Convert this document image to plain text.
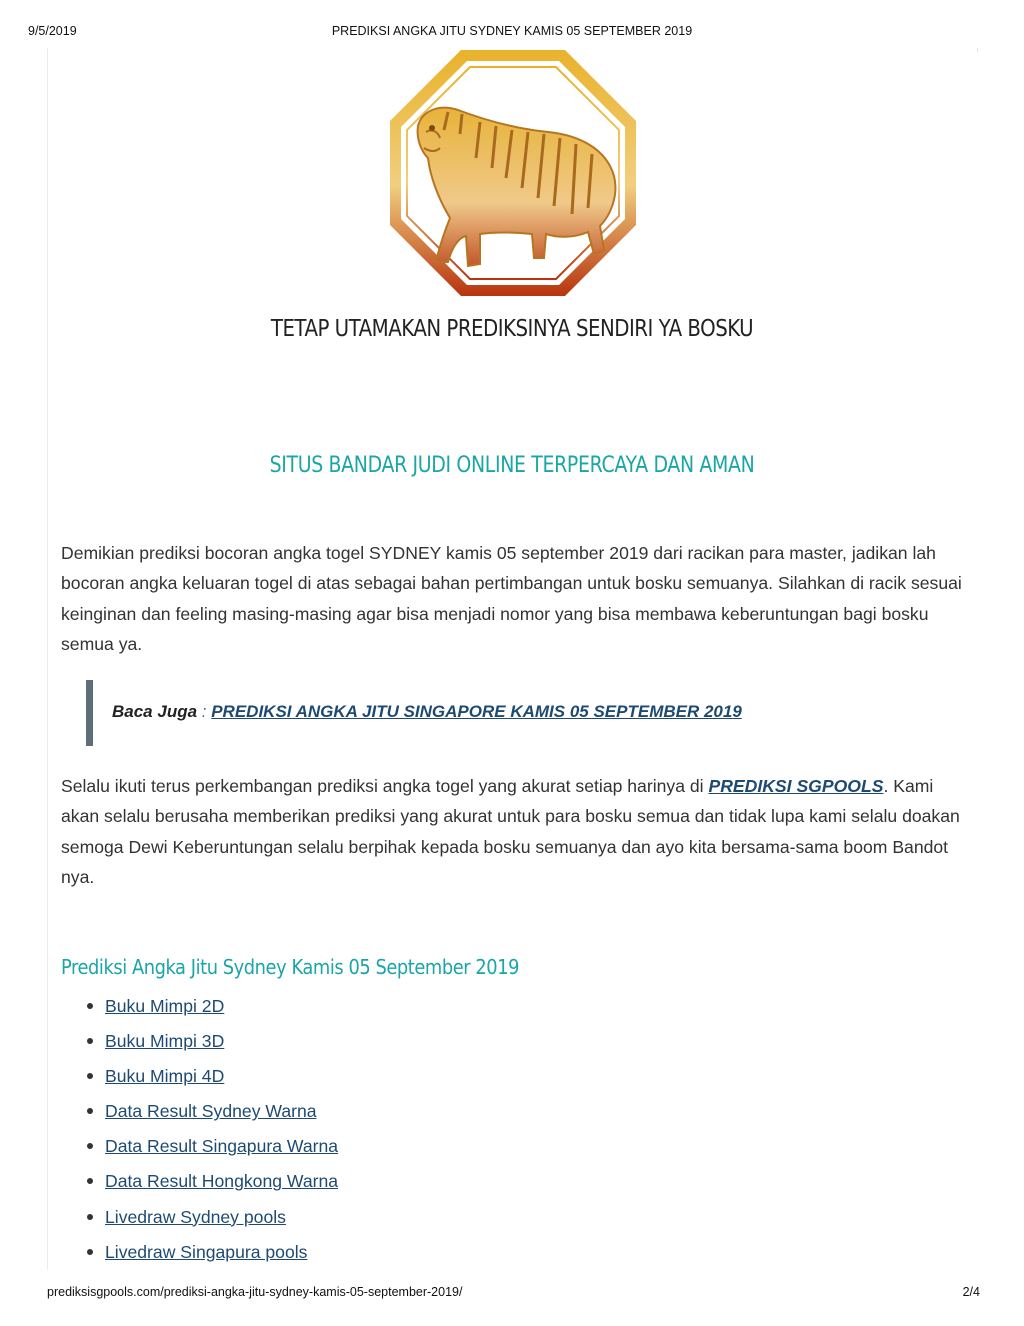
9/5/2019	PREDIKSI ANGKA JITU SYDNEY KAMIS 05 SEPTEMBER 2019
TETAP UTAMAKAN PREDIKSINYA SENDIRI YA BOSKU
SITUS BANDAR JUDI ONLINE TERPERCAYA DAN AMAN

Demikian prediksi bocoran angka togel SYDNEY kamis 05 september 2019 dari racikan para master, jadikan lah bocoran angka keluaran togel di atas sebagai bahan pertimbangan untuk bosku semuanya. Silahkan di racik sesuai keinginan dan feeling masing-masing agar bisa menjadi nomor yang bisa membawa keberuntungan bagi bosku semua ya.

Baca Juga : PREDIKSI ANGKA JITU SINGAPORE KAMIS 05 SEPTEMBER 2019

Selalu ikuti terus perkembangan prediksi angka togel yang akurat setiap harinya di PREDIKSI SGPOOLS. Kami akan selalu berusaha memberikan prediksi yang akurat untuk para bosku semua dan tidak lupa kami selalu doakan semoga Dewi Keberuntungan selalu berpihak kepada bosku semuanya dan ayo kita bersama-sama boom Bandot nya.

Prediksi Angka Jitu Sydney Kamis 05 September 2019
Buku Mimpi 2D
Buku Mimpi 3D
Buku Mimpi 4D
Data Result Sydney Warna
Data Result Singapura Warna
Data Result Hongkong Warna
Livedraw Sydney pools
Livedraw Singapura pools
prediksisgpools.com/prediksi-angka-jitu-sydney-kamis-05-september-2019/	2/4
